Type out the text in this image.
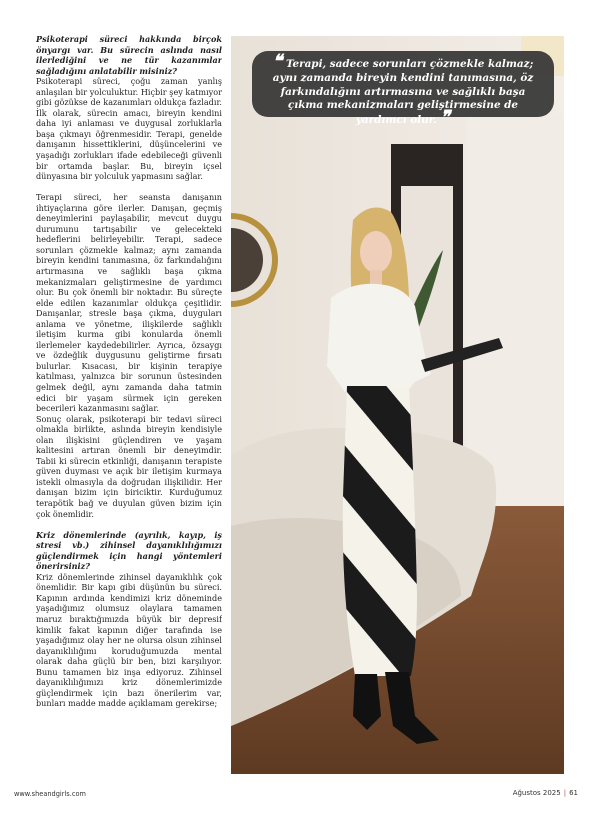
Psikoterapi süreci hakkında birçok önyargı var. Bu sürecin aslında nasıl ilerlediğini ve ne tür kazanımlar sağladığını anlatabilir misiniz?

Psikoterapi süreci, çoğu zaman yanlış anlaşılan bir yolculuktur. Hiçbir şey katmıyor gibi gözükse de kazanımları oldukça fazladır. İlk olarak, sürecin amacı, bireyin kendini daha iyi anlaması ve duygusal zorluklarla başa çıkmayı öğrenmesidir. Terapi, genelde danışanın hissettiklerini, düşüncelerini ve yaşadığı zorlukları ifade edebileceği güvenli bir ortamda başlar. Bu, bireyin içsel dünyasına bir yolculuk yapmasını sağlar.

Terapi süreci, her seansta danışanın ihtiyaçlarına göre ilerler. Danışan, geçmiş deneyimlerini paylaşabilir, mevcut duygu durumunu tartışabilir ve gelecekteki hedeflerini belirleyebilir. Terapi, sadece sorunları çözmekle kalmaz; aynı zamanda bireyin kendini tanımasına, öz farkındalığını artırmasına ve sağlıklı başa çıkma mekanizmaları geliştirmesine de yardımcı olur. Bu çok önemli bir noktadır. Bu süreçte elde edilen kazanımlar oldukça çeşitlidir. Danışanlar, stresle başa çıkma, duyguları anlama ve yönetme, ilişkilerde sağlıklı iletişim kurma gibi konularda önemli ilerlemeler kaydedebilirler. Ayrıca, özsaygı ve özdeğlik duygusunu geliştirme fırsatı bulurlar. Kısacası, bir kişinin terapiye katılması, yalnızca bir sorunun üstesinden gelmek değil, aynı zamanda daha tatmin edici bir yaşam sürmek için gereken becerileri kazanmasını sağlar.

Sonuç olarak, psikoterapi bir tedavi süreci olmakla birlikte, aslında bireyin kendisiyle olan ilişkisini güçlendiren ve yaşam kalitesini artıran önemli bir deneyimdir. Tabii ki sürecin etkinliği, danışanın terapiste güven duyması ve açık bir iletişim kurmaya istekli olmasıyla da doğrudan ilişkilidir. Her danışan bizim için biriciktir. Kurduğumuz terapötik bağ ve duyulan güven bizim için çok önemlidir.

Kriz dönemlerinde (ayrılık, kayıp, iş stresi vb.) zihinsel dayanıklılığımızı güçlendirmek için hangi yöntemleri önerirsiniz?

Kriz dönemlerinde zihinsel dayanıklılık çok önemlidir. Bir kapı gibi düşünün bu süreci. Kapının ardında kendimizi kriz döneminde yaşadığımız olumsuz olaylara tamamen maruz bıraktığımızda büyük bir depresif kimlik fakat kapının diğer tarafında ise yaşadığımız olay her ne olursa olsun zihinsel dayanıklılığımı koruduğumuzda mental olarak daha güçlü bir ben, bizi karşılıyor. Bunu tamamen biz inşa ediyoruz. Zihinsel dayanıklılığımızı kriz dönemlerimizde güçlendirmek için bazı önerilerim var, bunları madde madde açıklamam gerekirse;

❝ Terapi, sadece sorunları çözmekle kalmaz; aynı zamanda bireyin kendini tanımasına, öz farkındalığını artırmasına ve sağlıklı başa çıkma mekanizmaları geliştirmesine de yardımcı olur. ❞
www.sheandgirls.com	Ağustos 2025 | 61
